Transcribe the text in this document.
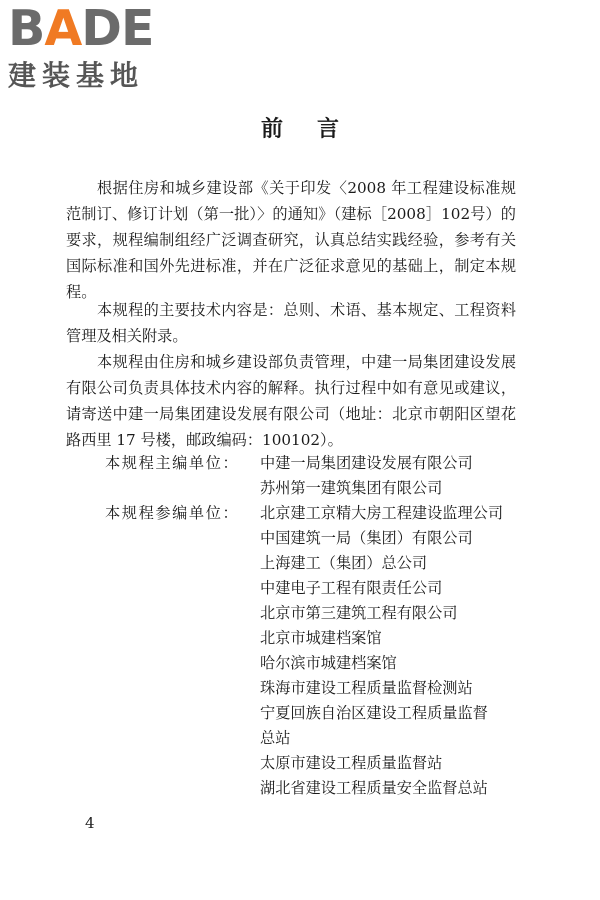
B A DE
建装基地
前言

根据住房和城乡建设部《关于印发〈2008 年工程建设标准规范制订、修订计划（第一批）〉的通知》（建标［2008］102号）的要求，规程编制组经广泛调查研究，认真总结实践经验，参考有关国际标准和国外先进标准，并在广泛征求意见的基础上，制定本规程。

本规程的主要技术内容是：总则、术语、基本规定、工程资料管理及相关附录。

本规程由住房和城乡建设部负责管理，中建一局集团建设发展有限公司负责具体技术内容的解释。执行过程中如有意见或建议，请寄送中建一局集团建设发展有限公司（地址：北京市朝阳区望花路西里 17 号楼，邮政编码：100102）。

本规程主编单位：	中建一局集团建设发展有限公司
苏州第一建筑集团有限公司
本规程参编单位：	北京建工京精大房工程建设监理公司
中国建筑一局（集团）有限公司
上海建工（集团）总公司
中建电子工程有限责任公司
北京市第三建筑工程有限公司
北京市城建档案馆
哈尔滨市城建档案馆
珠海市建设工程质量监督检测站
宁夏回族自治区建设工程质量监督
总站
太原市建设工程质量监督站
湖北省建设工程质量安全监督总站
4
